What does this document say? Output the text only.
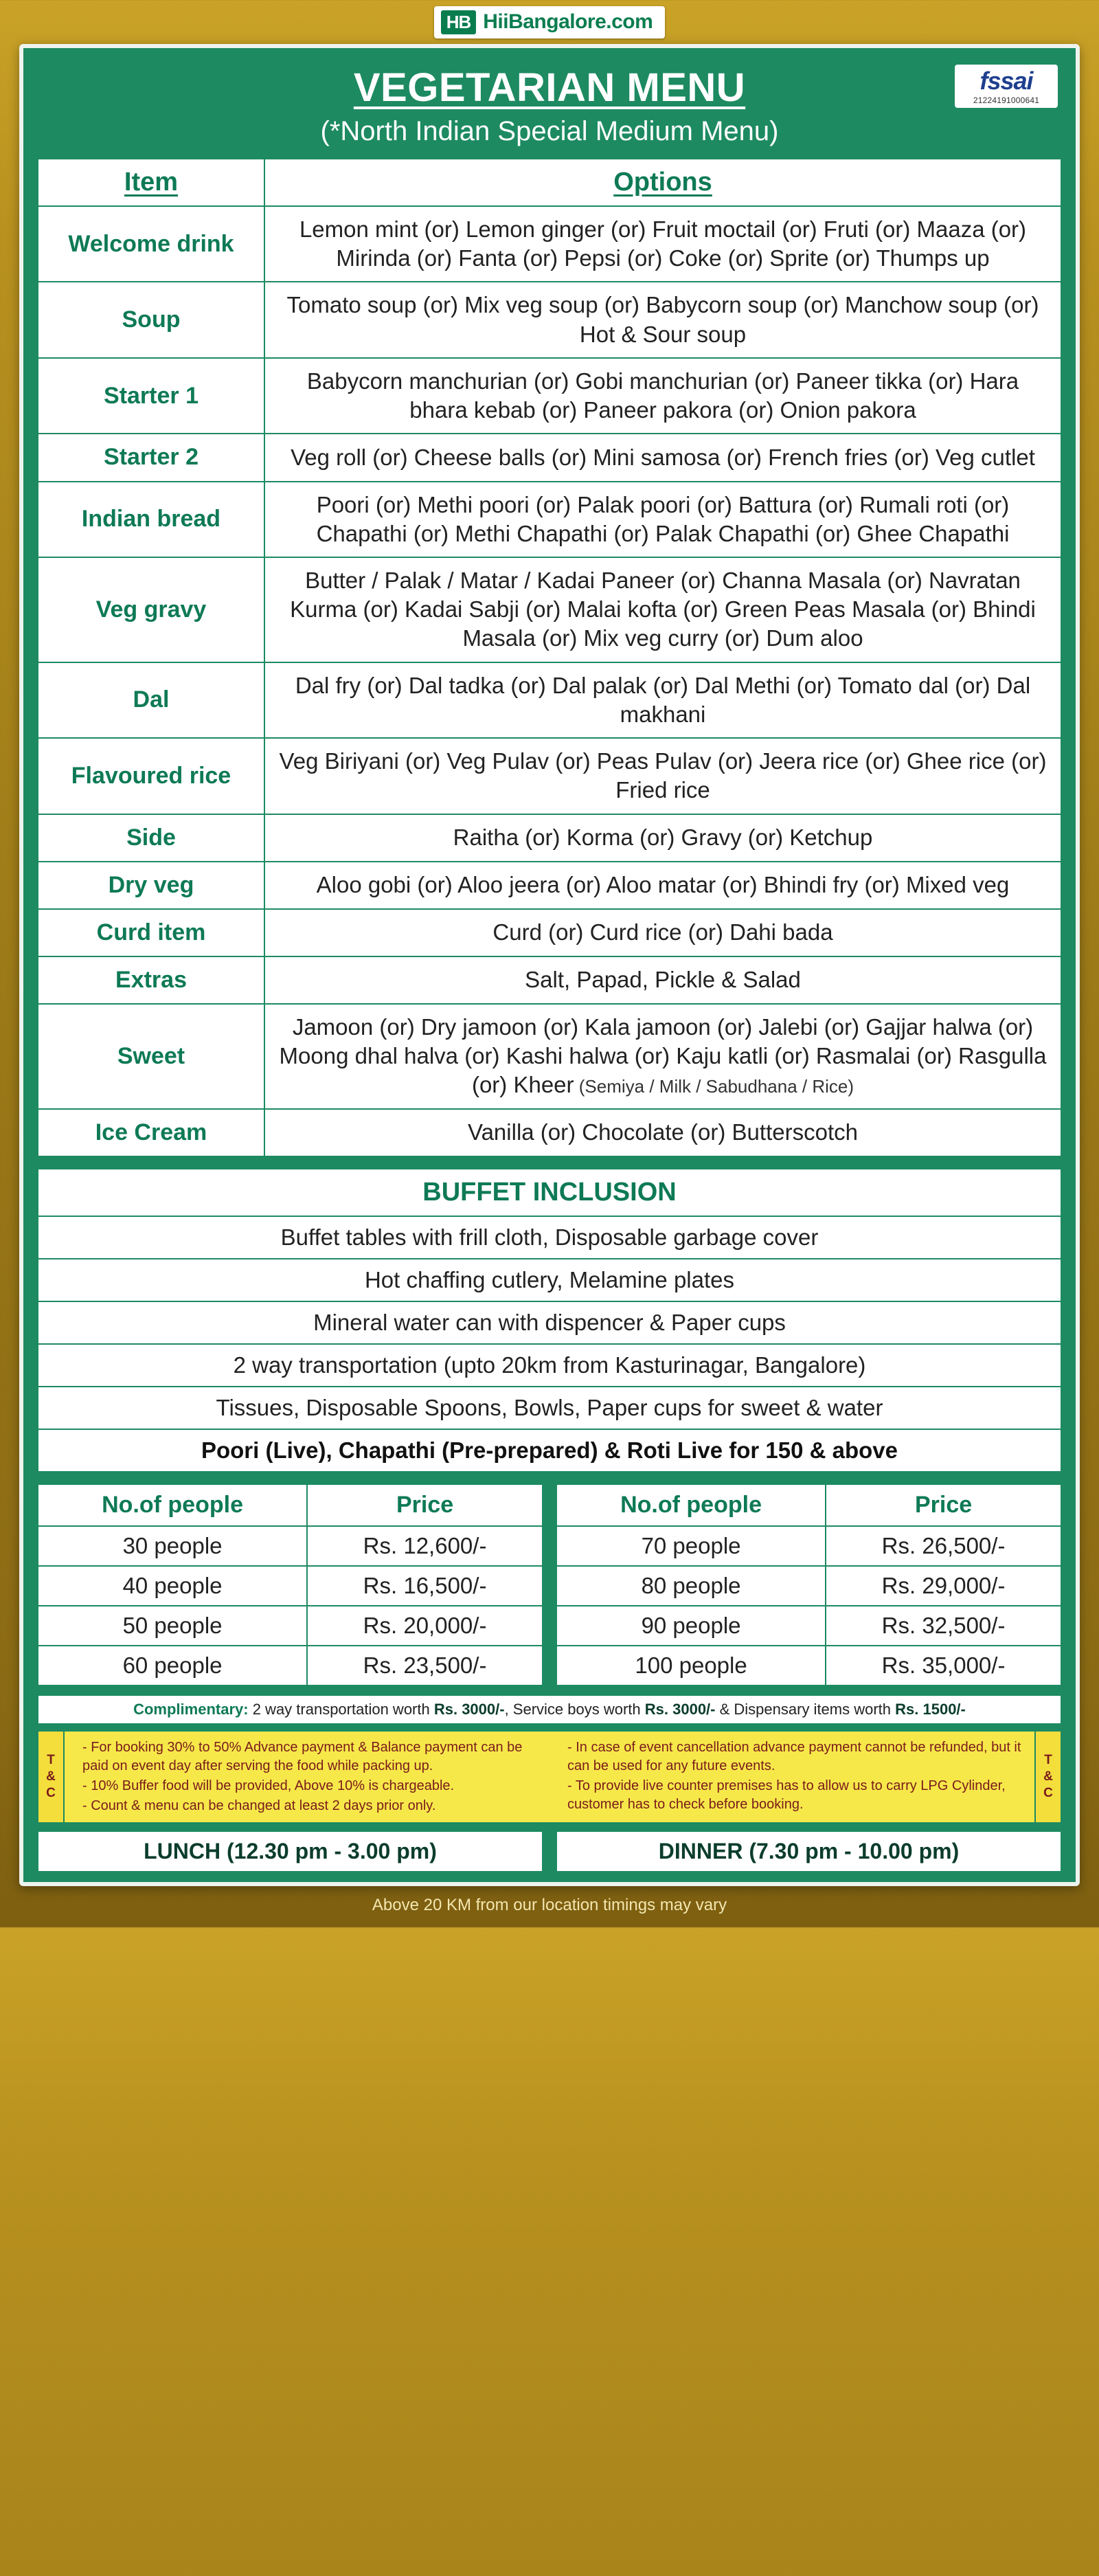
HB HiiBangalore.com
VEGETARIAN MENU
(*North Indian Special Medium Menu)
fssai
21224191000641
Item	Options
Welcome drink	Lemon mint (or) Lemon ginger (or) Fruit moctail (or) Fruti (or) Maaza (or) Mirinda (or) Fanta (or) Pepsi (or) Coke (or) Sprite (or) Thumps up
Soup	Tomato soup (or) Mix veg soup (or) Babycorn soup (or) Manchow soup (or) Hot & Sour soup
Starter 1	Babycorn manchurian (or) Gobi manchurian (or) Paneer tikka (or) Hara bhara kebab (or) Paneer pakora (or) Onion pakora
Starter 2	Veg roll (or) Cheese balls (or) Mini samosa (or) French fries (or) Veg cutlet
Indian bread	Poori (or) Methi poori (or) Palak poori (or) Battura (or) Rumali roti (or) Chapathi (or) Methi Chapathi (or) Palak Chapathi (or) Ghee Chapathi
Veg gravy	Butter / Palak / Matar / Kadai Paneer (or) Channa Masala (or) Navratan Kurma (or) Kadai Sabji (or) Malai kofta (or) Green Peas Masala (or) Bhindi Masala (or) Mix veg curry (or) Dum aloo
Dal	Dal fry (or) Dal tadka (or) Dal palak (or) Dal Methi (or) Tomato dal (or) Dal makhani
Flavoured rice	Veg Biriyani (or) Veg Pulav (or) Peas Pulav (or) Jeera rice (or) Ghee rice (or) Fried rice
Side	Raitha (or) Korma (or) Gravy (or) Ketchup
Dry veg	Aloo gobi (or) Aloo jeera (or) Aloo matar (or) Bhindi fry (or) Mixed veg
Curd item	Curd (or) Curd rice (or) Dahi bada
Extras	Salt, Papad, Pickle & Salad
Sweet	Jamoon (or) Dry jamoon (or) Kala jamoon (or) Jalebi (or) Gajjar halwa (or) Moong dhal halva (or) Kashi halwa (or) Kaju katli (or) Rasmalai (or) Rasgulla (or) Kheer (Semiya / Milk / Sabudhana / Rice)
Ice Cream	Vanilla (or) Chocolate (or) Butterscotch
BUFFET INCLUSION
Buffet tables with frill cloth, Disposable garbage cover
Hot chaffing cutlery, Melamine plates
Mineral water can with dispencer & Paper cups
2 way transportation (upto 20km from Kasturinagar, Bangalore)
Tissues, Disposable Spoons, Bowls, Paper cups for sweet & water
Poori (Live), Chapathi (Pre-prepared) & Roti Live for 150 & above
No.of people	Price
30 people	Rs. 12,600/-
40 people	Rs. 16,500/-
50 people	Rs. 20,000/-
60 people	Rs. 23,500/-
No.of people	Price
70 people	Rs. 26,500/-
80 people	Rs. 29,000/-
90 people	Rs. 32,500/-
100 people	Rs. 35,000/-
Complimentary: 2 way transportation worth Rs. 3000/-, Service boys worth Rs. 3000/- & Dispensary items worth Rs. 1500/-
T
&
C
- For booking 30% to 50% Advance payment & Balance payment can be paid on event day after serving the food while packing up.
- 10% Buffer food will be provided, Above 10% is chargeable.
- Count & menu can be changed at least 2 days prior only.
- In case of event cancellation advance payment cannot be refunded, but it can be used for any future events.
- To provide live counter premises has to allow us to carry LPG Cylinder, customer has to check before booking.
T
&
C
LUNCH (12.30 pm - 3.00 pm)	DINNER (7.30 pm - 10.00 pm)
Above 20 KM from our location timings may vary
